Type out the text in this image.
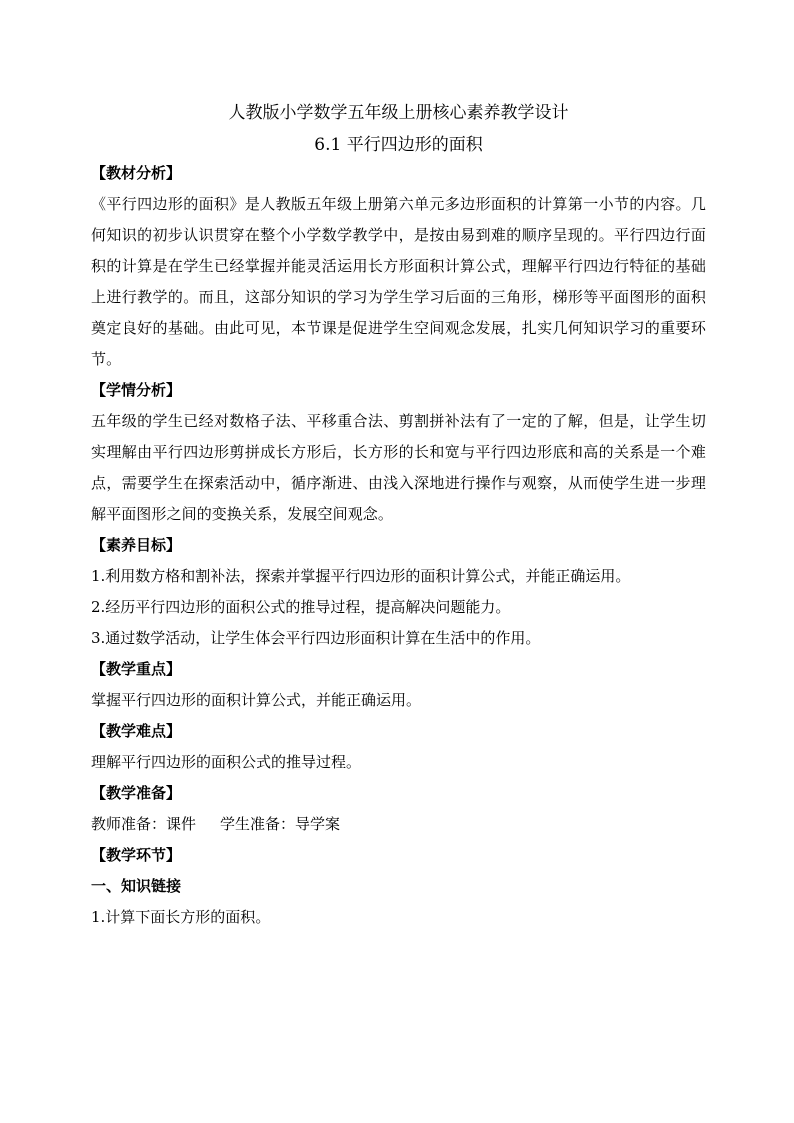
人教版小学数学五年级上册核心素养教学设计
6.1 平行四边形的面积

【教材分析】

《平行四边形的面积》是人教版五年级上册第六单元多边形面积的计算第一小节的内容。几何知识的初步认识贯穿在整个小学数学教学中，是按由易到难的顺序呈现的。平行四边行面积的计算是在学生已经掌握并能灵活运用长方形面积计算公式，理解平行四边行特征的基础上进行教学的。而且，这部分知识的学习为学生学习后面的三角形，梯形等平面图形的面积奠定良好的基础。由此可见，本节课是促进学生空间观念发展，扎实几何知识学习的重要环节。

【学情分析】

五年级的学生已经对数格子法、平移重合法、剪割拼补法有了一定的了解，但是，让学生切实理解由平行四边形剪拼成长方形后，长方形的长和宽与平行四边形底和高的关系是一个难点，需要学生在探索活动中，循序渐进、由浅入深地进行操作与观察，从而使学生进一步理解平面图形之间的变换关系，发展空间观念。

【素养目标】

1.利用数方格和割补法，探索并掌握平行四边形的面积计算公式，并能正确运用。

2.经历平行四边形的面积公式的推导过程，提高解决问题能力。

3.通过数学活动，让学生体会平行四边形面积计算在生活中的作用。

【教学重点】

掌握平行四边形的面积计算公式，并能正确运用。

【教学难点】

理解平行四边形的面积公式的推导过程。

【教学准备】

教师准备：课件 学生准备：导学案

【教学环节】

一、知识链接

1.计算下面长方形的面积。
